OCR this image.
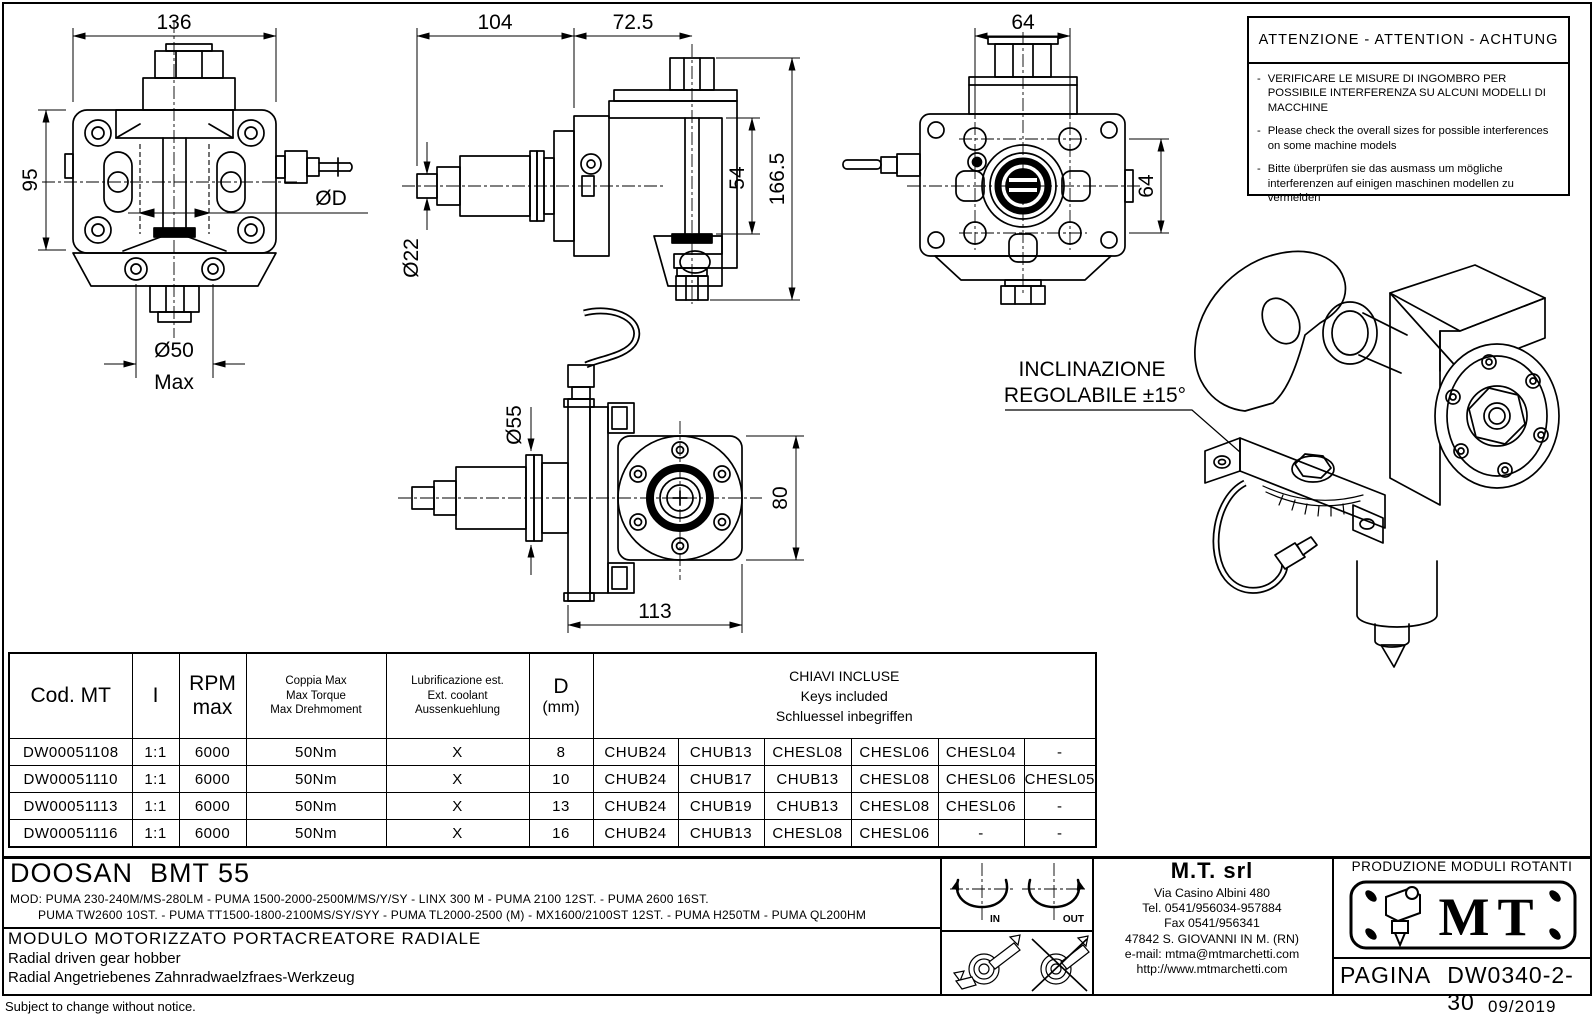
136
95
ØD
Ø50
Max
104	72.5
Ø22
54 166.5
64
64
Ø55
80
113
INCLINAZIONE
REGOLABILE ±15°
ATTENZIONE - ATTENTION - ACHTUNG
- VERIFICARE LE MISURE DI INGOMBRO PER POSSIBILE INTERFERENZA SU ALCUNI MODELLI DI MACCHINE
- Please check the overall sizes for possible interferences on some machine models
- Bitte überprüfen sie das ausmass um mögliche interferenzen auf einigen maschinen modellen zu vermeiden
Cod. MT	I	
RPM
max

Coppia Max
Max Torque
Max Drehmoment

Lubrificazione est.
Ext. coolant
Aussenkuehlung

D
(mm)

CHIAVI INCLUSE
Keys included
Schluessel inbegriffen

DW00051108	1:1	6000	50Nm	X	8	CHUB24	CHUB13	CHESL08	CHESL06	CHESL04	-
DW00051110	1:1	6000	50Nm	X	10	CHUB24	CHUB17	CHUB13	CHESL08	CHESL06	CHESL05
DW00051113	1:1	6000	50Nm	X	13	CHUB24	CHUB19	CHUB13	CHESL08	CHESL06	-
DW00051116	1:1	6000	50Nm	X	16	CHUB24	CHUB13	CHESL08	CHESL06	-	-
DOOSAN  BMT 55
MOD: PUMA 230-240M/MS-280LM - PUMA 1500-2000-2500M/MS/Y/SY - LINX 300 M - PUMA 2100 12ST. - PUMA 2600 16ST.
PUMA TW2600 10ST. - PUMA TT1500-1800-2100MS/SY/SYY - PUMA TL2000-2500 (M) - MX1600/2100ST 12ST. - PUMA H250TM - PUMA QL200HM
MODULO MOTORIZZATO PORTACREATORE RADIALE
Radial driven gear hobber
Radial Angetriebenes Zahnradwaelzfraes-Werkzeug
IN	OUT
M.T. srl
Via Casino Albini 480
Tel. 0541/956034-957884
Fax 0541/956341
47842 S. GIOVANNI IN M. (RN)
e-mail: mtma@mtmarchetti.com
http://www.mtmarchetti.com
PRODUZIONE MODULI ROTANTI
MT
PAGINA DW0340-2-30
Subject to change without notice.	09/2019
